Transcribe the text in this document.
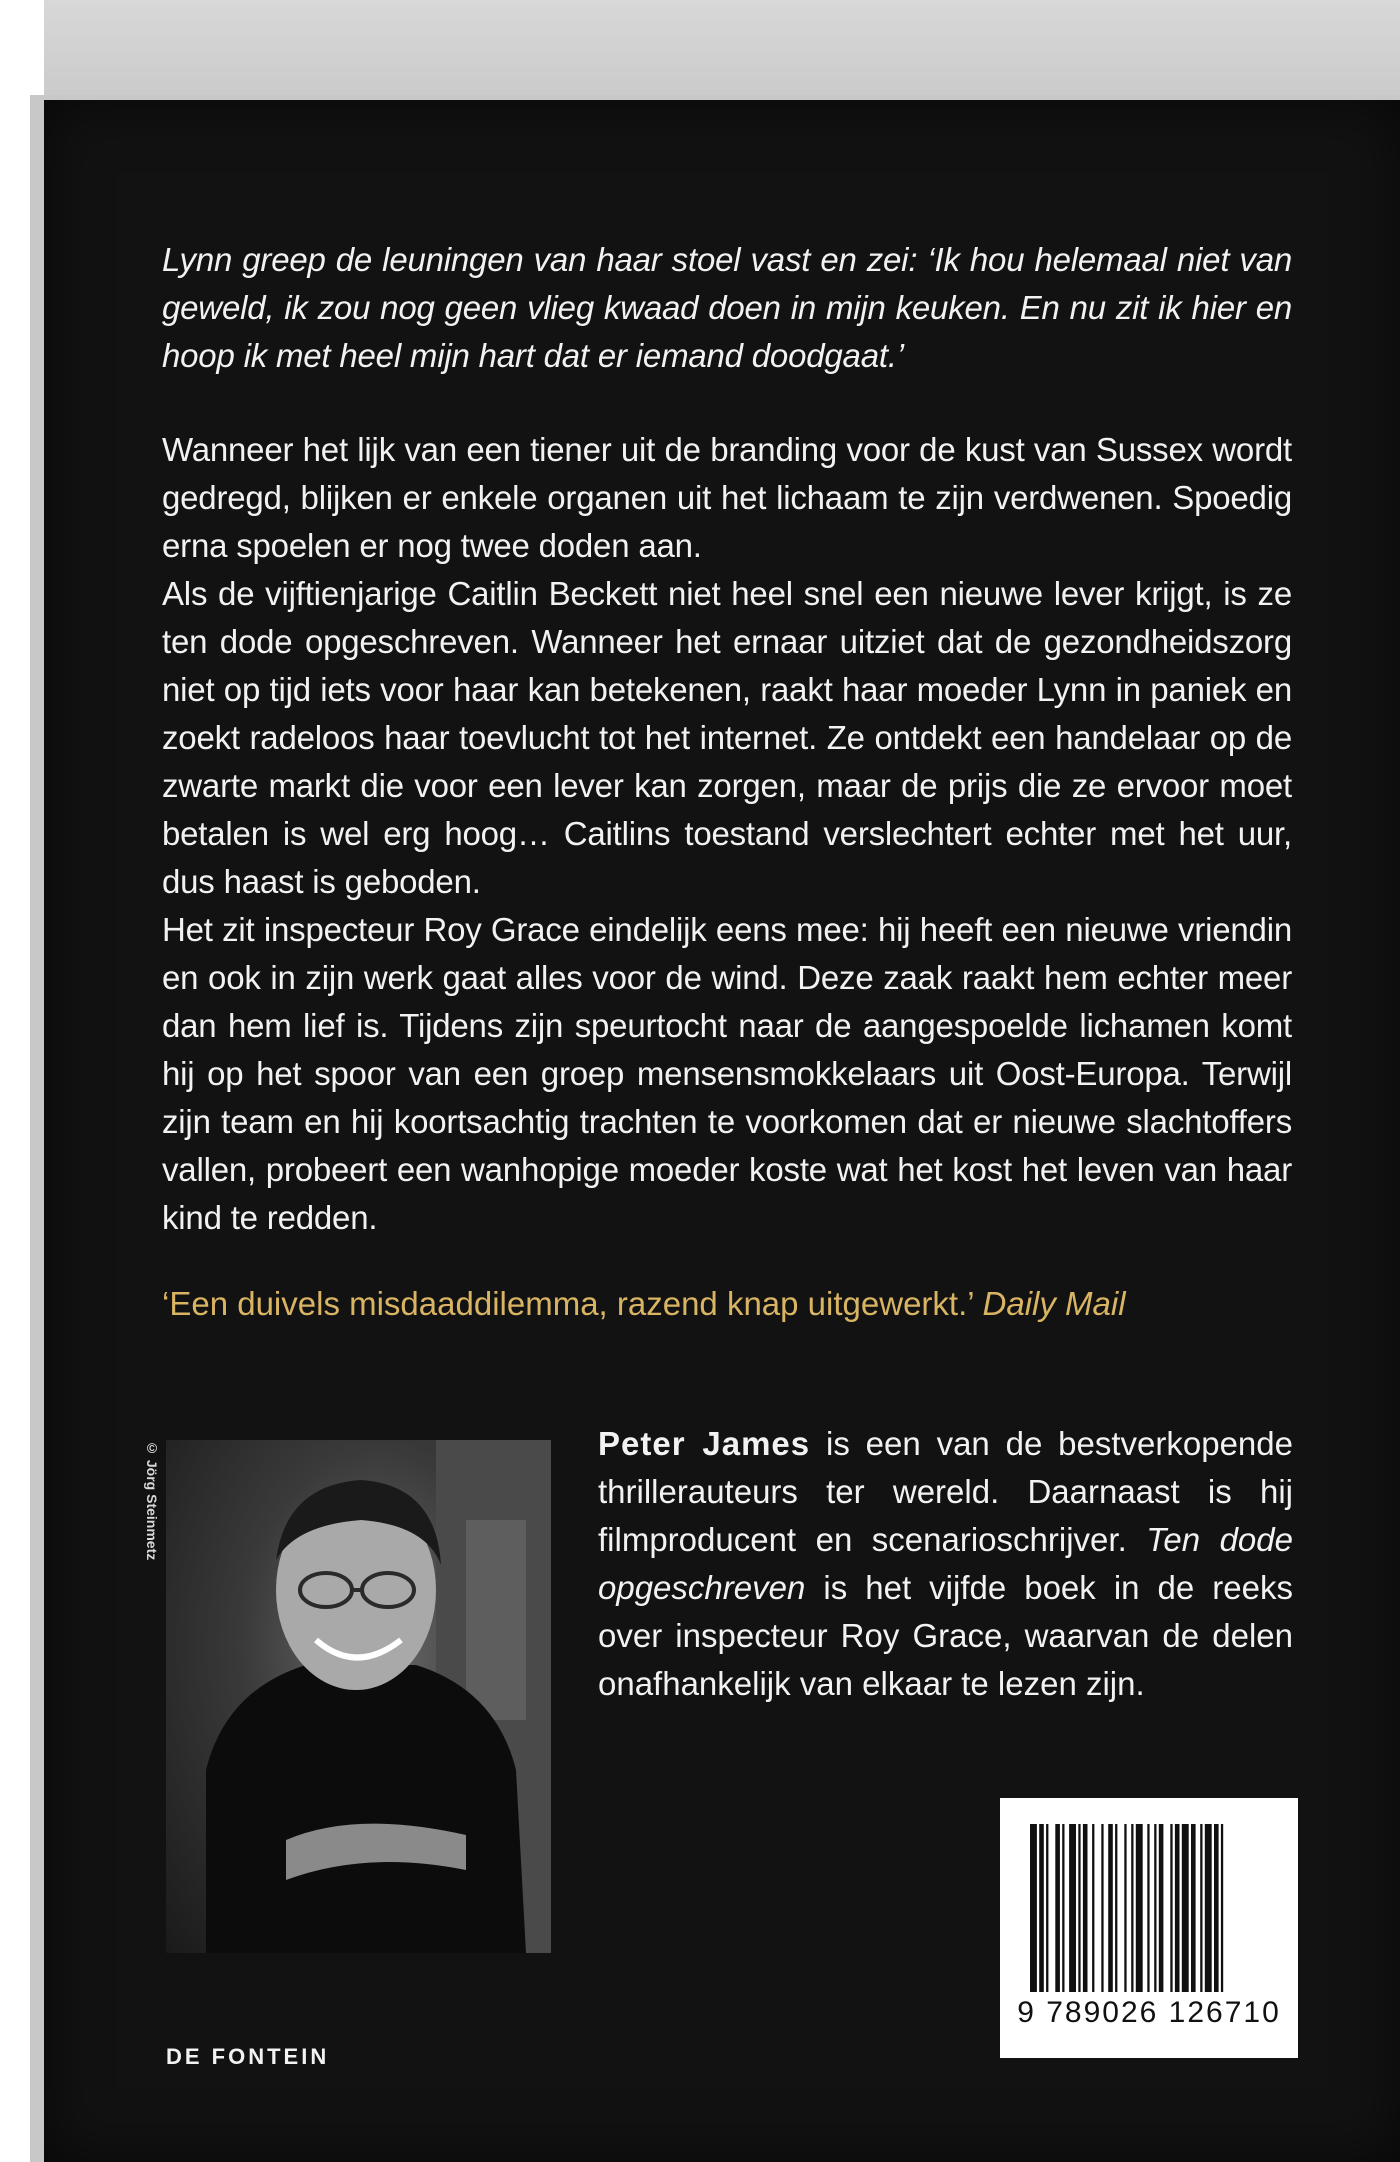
Lynn greep de leuningen van haar stoel vast en zei: ‘Ik hou helemaal niet van geweld, ik zou nog geen vlieg kwaad doen in mijn keuken. En nu zit ik hier en hoop ik met heel mijn hart dat er iemand doodgaat.’

Wanneer het lijk van een tiener uit de branding voor de kust van Sussex wordt gedregd, blijken er enkele organen uit het lichaam te zijn verdwenen. Spoedig erna spoelen er nog twee doden aan.

Als de vijftienjarige Caitlin Beckett niet heel snel een nieuwe lever krijgt, is ze ten dode opgeschreven. Wanneer het ernaar uitziet dat de gezondheidszorg niet op tijd iets voor haar kan betekenen, raakt haar moeder Lynn in paniek en zoekt radeloos haar toevlucht tot het internet. Ze ontdekt een handelaar op de zwarte markt die voor een lever kan zorgen, maar de prijs die ze ervoor moet betalen is wel erg hoog… Caitlins toestand verslechtert echter met het uur, dus haast is geboden.

Het zit inspecteur Roy Grace eindelijk eens mee: hij heeft een nieuwe vriendin en ook in zijn werk gaat alles voor de wind. Deze zaak raakt hem echter meer dan hem lief is. Tijdens zijn speurtocht naar de aangespoelde lichamen komt hij op het spoor van een groep mensensmokkelaars uit Oost-Europa. Terwijl zijn team en hij koortsachtig trachten te voorkomen dat er nieuwe slachtoffers vallen, probeert een wanhopige moeder koste wat het kost het leven van haar kind te redden.

‘Een duivels misdaaddilemma, razend knap uitgewerkt.’ Daily Mail
© Jörg Steinmetz	Peter James is een van de bestverkopende thrillerauteurs ter wereld. Daarnaast is hij filmproducent en scenarioschrijver. Ten dode opgeschreven is het vijfde boek in de reeks over inspecteur Roy Grace, waarvan de delen onafhankelijk van elkaar te lezen zijn.
DE FONTEIN
9 789026 126710
